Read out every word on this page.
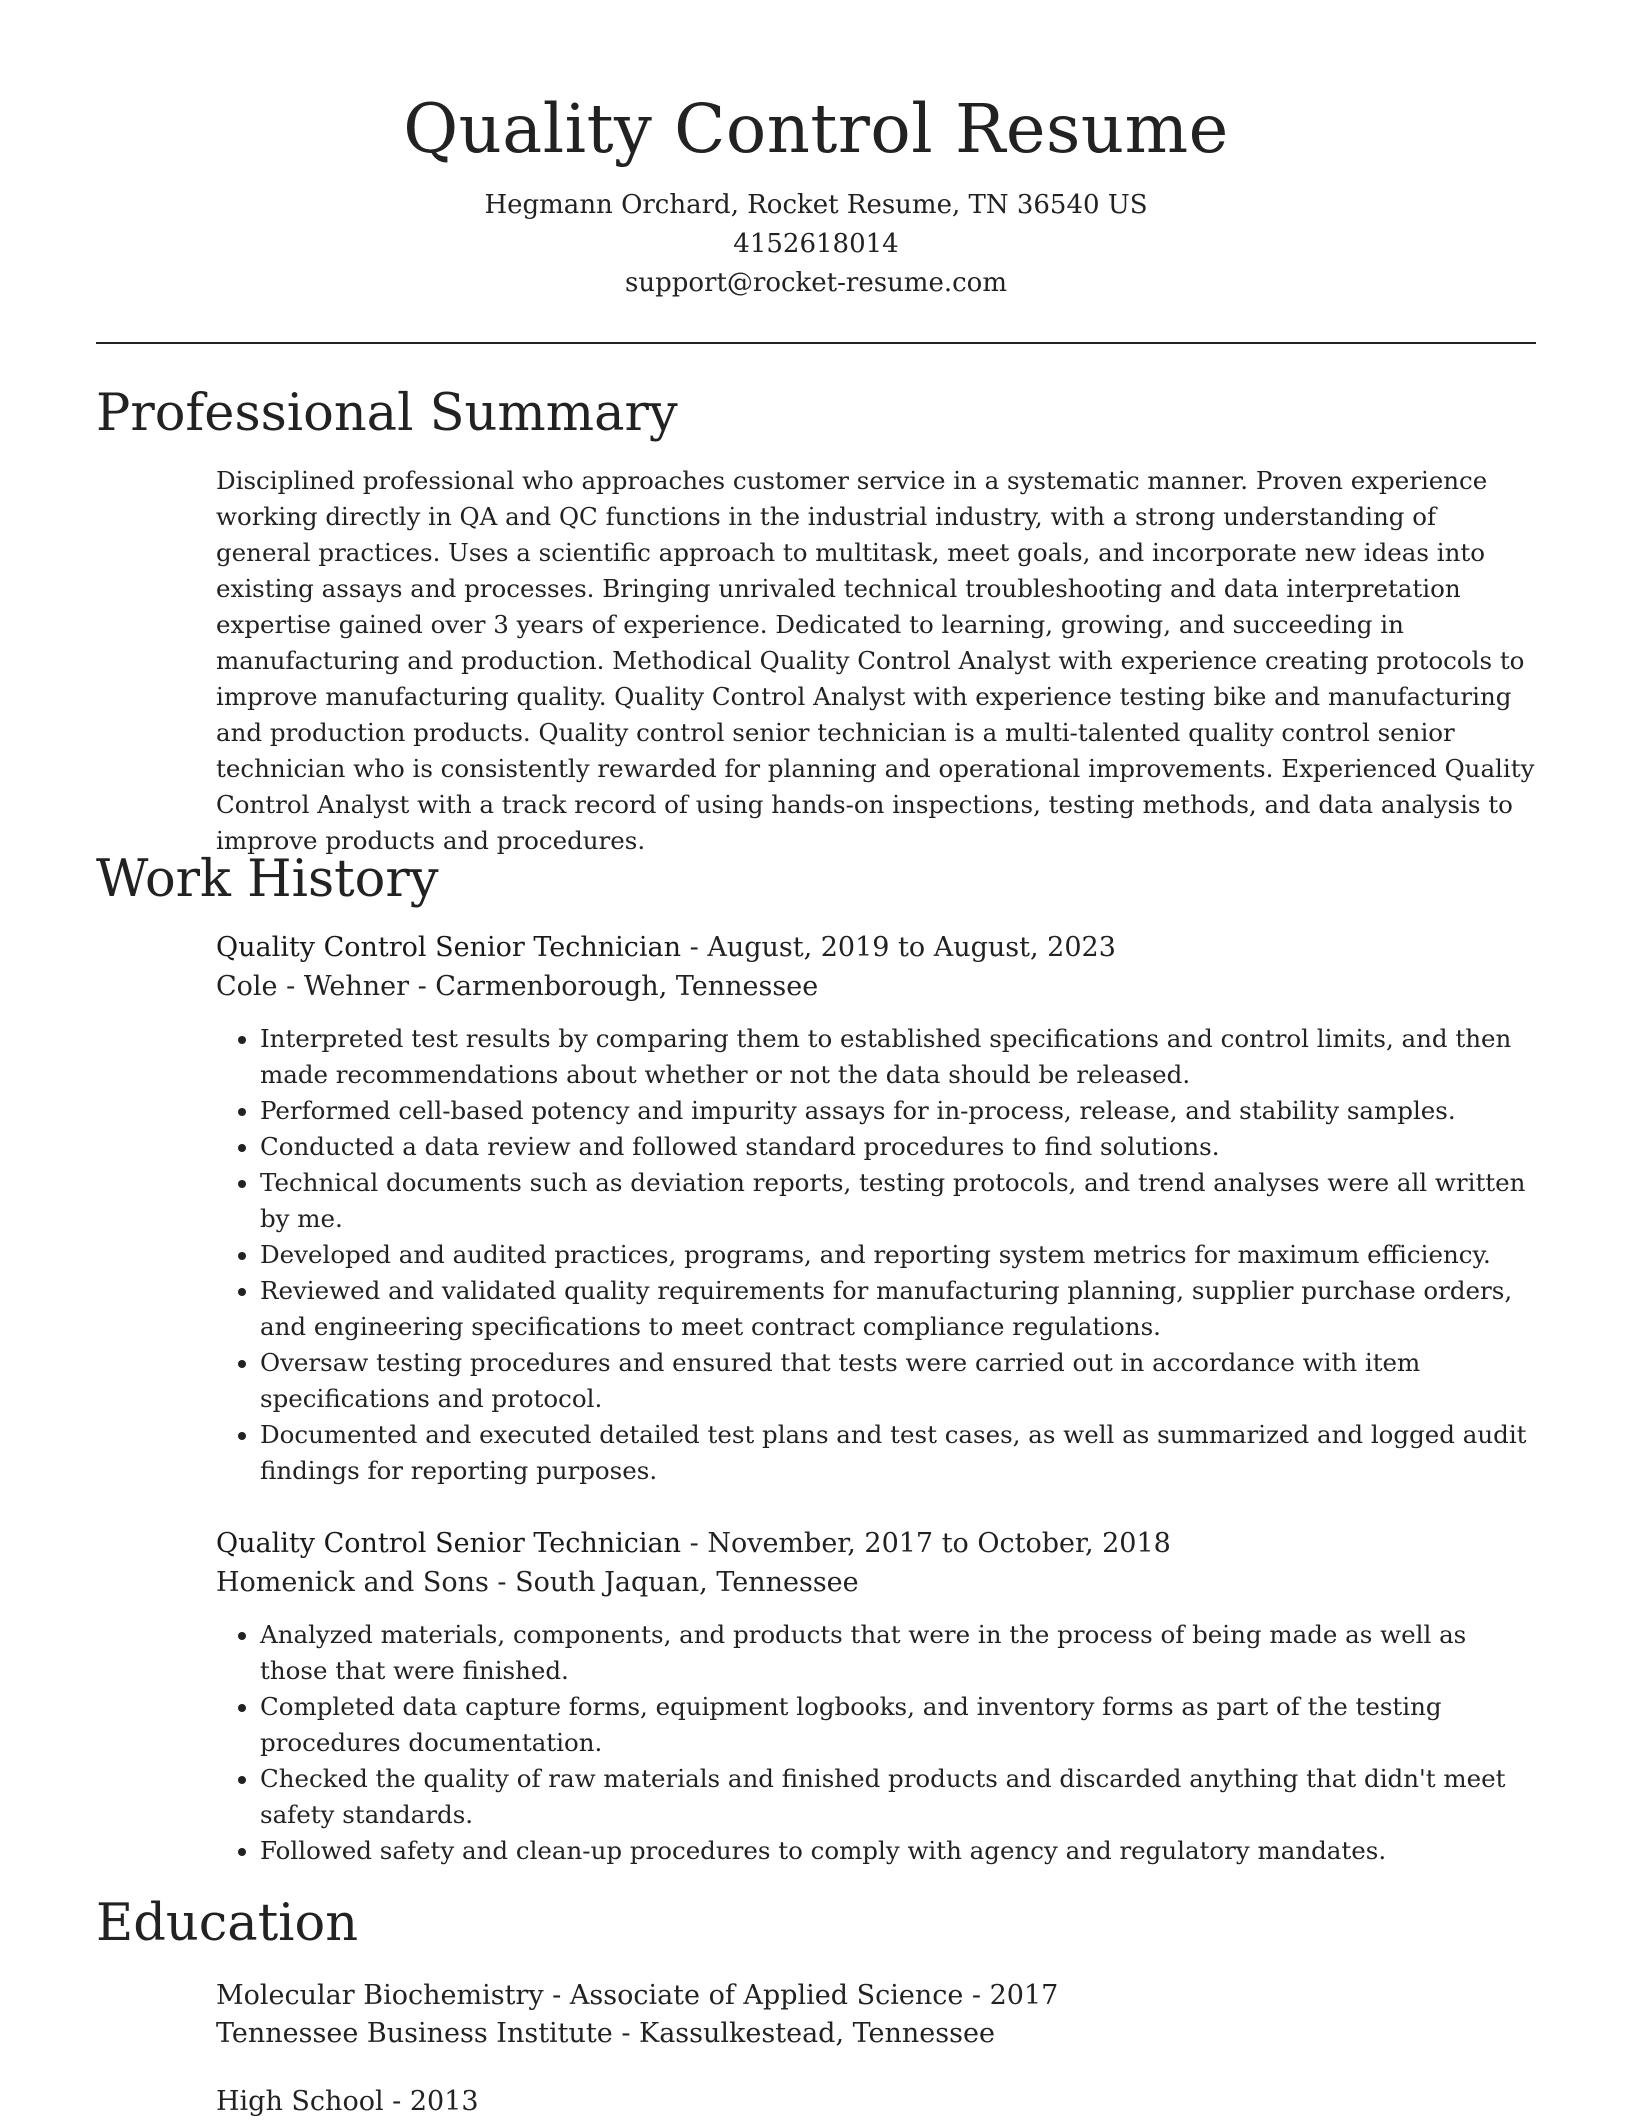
Quality Control Resume
Hegmann Orchard, Rocket Resume, TN 36540 US
4152618014
support@rocket-resume.com
Professional Summary
Disciplined professional who approaches customer service in a systematic manner. Proven experience working directly in QA and QC functions in the industrial industry, with a strong understanding of general practices. Uses a scientific approach to multitask, meet goals, and incorporate new ideas into existing assays and processes. Bringing unrivaled technical troubleshooting and data interpretation expertise gained over 3 years of experience. Dedicated to learning, growing, and succeeding in manufacturing and production. Methodical Quality Control Analyst with experience creating protocols to improve manufacturing quality. Quality Control Analyst with experience testing bike and manufacturing and production products. Quality control senior technician is a multi-talented quality control senior technician who is consistently rewarded for planning and operational improvements. Experienced Quality Control Analyst with a track record of using hands-on inspections, testing methods, and data analysis to improve products and procedures.
Work History
Quality Control Senior Technician - August, 2019 to August, 2023
Cole - Wehner - Carmenborough, Tennessee
• Interpreted test results by comparing them to established specifications and control limits, and then made recommendations about whether or not the data should be released.
• Performed cell-based potency and impurity assays for in-process, release, and stability samples.
• Conducted a data review and followed standard procedures to find solutions.
• Technical documents such as deviation reports, testing protocols, and trend analyses were all written by me.
• Developed and audited practices, programs, and reporting system metrics for maximum efficiency.
• Reviewed and validated quality requirements for manufacturing planning, supplier purchase orders, and engineering specifications to meet contract compliance regulations.
• Oversaw testing procedures and ensured that tests were carried out in accordance with item specifications and protocol.
• Documented and executed detailed test plans and test cases, as well as summarized and logged audit findings for reporting purposes.
Quality Control Senior Technician - November, 2017 to October, 2018
Homenick and Sons - South Jaquan, Tennessee
• Analyzed materials, components, and products that were in the process of being made as well as those that were finished.
• Completed data capture forms, equipment logbooks, and inventory forms as part of the testing procedures documentation.
• Checked the quality of raw materials and finished products and discarded anything that didn't meet safety standards.
• Followed safety and clean-up procedures to comply with agency and regulatory mandates.
Education
Molecular Biochemistry - Associate of Applied Science - 2017
Tennessee Business Institute - Kassulkestead, Tennessee
High School - 2013
